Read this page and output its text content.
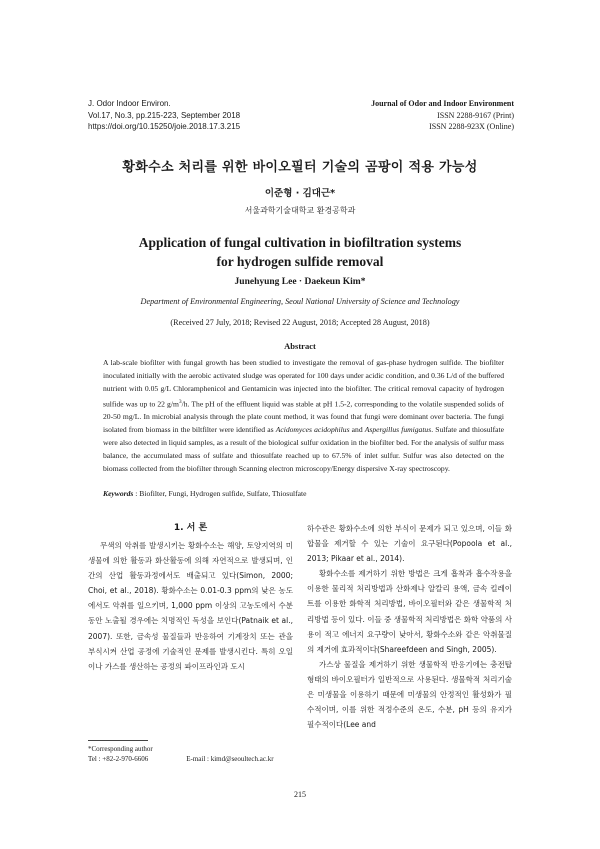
J. Odor Indoor Environ.
Vol.17, No.3, pp.215-223, September 2018
https://doi.org/10.15250/joie.2018.17.3.215
Journal of Odor and Indoor Environment
ISSN 2288-9167 (Print)
ISSN 2288-923X (Online)
황화수소 처리를 위한 바이오필터 기술의 곰팡이 적용 가능성
이준형 · 김대근*
서울과학기술대학교 환경공학과
Application of fungal cultivation in biofiltration systems
for hydrogen sulfide removal
Junehyung Lee · Daekeun Kim*
Department of Environmental Engineering, Seoul National University of Science and Technology
(Received 27 July, 2018; Revised 22 August, 2018; Accepted 28 August, 2018)
Abstract
A lab-scale biofilter with fungal growth has been studied to investigate the removal of gas-phase hydrogen sulfide. The biofilter inoculated initially with the aerobic activated sludge was operated for 100 days under acidic condition, and 0.36 L/d of the buffered nutrient with 0.05 g/L Chloramphenicol and Gentamicin was injected into the biofilter. The critical removal capacity of hydrogen sulfide was up to 22 $g/m^3/h$. The pH of the effluent liquid was stable at pH 1.5-2, corresponding to the volatile suspended solids of 20-50 mg/L. In microbial analysis through the plate count method, it was found that fungi were dominant over bacteria. The fungi isolated from biomass in the biltfilter were identified as Acidomyces acidophilus and Aspergillus fumigatus. Sulfate and thiosulfate were also detected in liquid samples, as a result of the biological sulfur oxidation in the biofilter bed. For the analysis of sulfur mass balance, the accumulated mass of sulfate and thiosulfate reached up to 67.5% of inlet sulfur. Sulfur was also detected on the biomass collected from the biofilter through Scanning electron microscopy/Energy dispersive X-ray spectroscopy.
Keywords : Biofilter, Fungi, Hydrogen sulfide, Sulfate, Thiosulfate
1. 서 론

무색의 악취를 발생시키는 황화수소는 해양, 토양지역의 미생물에 의한 활동과 화산활동에 의해 자연적으로 발생되며, 인간의 산업 활동과정에서도 배출되고 있다(Simon, 2000; Choi, et al., 2018). 황화수소는 0.01-0.3 ppm의 낮은 농도에서도 악취를 일으키며, 1,000 ppm 이상의 고농도에서 수분 동안 노출될 경우에는 치명적인 독성을 보인다(Patnaik et al., 2007). 또한, 금속성 물질들과 반응하여 기계장치 또는 관을 부식시켜 산업 공정에 기술적인 문제를 발생시킨다. 특히 오일이나 가스를 생산하는 공정의 파이프라인과 도시

하수관은 황화수소에 의한 부식이 문제가 되고 있으며, 이들 화합물을 제거할 수 있는 기술이 요구된다(Popoola et al., 2013; Pikaar et al., 2014).

황화수소를 제거하기 위한 방법은 크게 흡착과 흡수작용을 이용한 물리적 처리방법과 산화제나 알칼리 용액, 금속 킬레이트를 이용한 화학적 처리방법, 바이오필터와 같은 생물학적 처리방법 등이 있다. 이들 중 생물학적 처리방법은 화학 약품의 사용이 적고 에너지 요구량이 낮아서, 황화수소와 같은 악취물질의 제거에 효과적이다(Shareefdeen and Singh, 2005).

가스상 물질을 제거하기 위한 생물학적 반응기에는 충전탑 형태의 바이오필터가 일반적으로 사용된다. 생물학적 처리기술은 미생물을 이용하기 때문에 미생물의 안정적인 활성화가 필수적이며, 이를 위한 적정수준의 온도, 수분, pH 등의 유지가 필수적이다(Lee and

*Corresponding author
Tel : +82-2-970-6606	E-mail : kimd@seoultech.ac.kr
215
